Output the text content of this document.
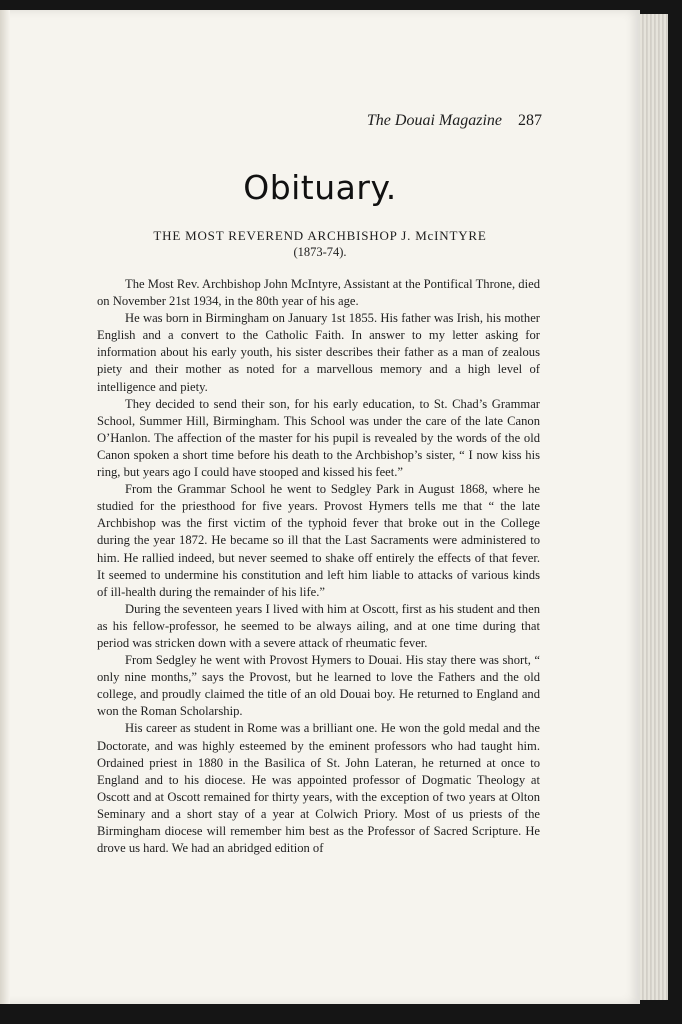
The Douai Magazine 287
Obituary.
THE MOST REVEREND ARCHBISHOP J. McINTYRE
(1873-74).

The Most Rev. Archbishop John McIntyre, Assistant at the Pontifical Throne, died on November 21st 1934, in the 80th year of his age.

He was born in Birmingham on January 1st 1855. His father was Irish, his mother English and a convert to the Catholic Faith. In answer to my letter asking for information about his early youth, his sister describes their father as a man of zealous piety and their mother as noted for a marvellous memory and a high level of intelligence and piety.

They decided to send their son, for his early education, to St. Chad’s Grammar School, Summer Hill, Birmingham. This School was under the care of the late Canon O’Hanlon. The affection of the master for his pupil is revealed by the words of the old Canon spoken a short time before his death to the Archbishop’s sister, “ I now kiss his ring, but years ago I could have stooped and kissed his feet.”

From the Grammar School he went to Sedgley Park in August 1868, where he studied for the priesthood for five years. Provost Hymers tells me that “ the late Archbishop was the first victim of the typhoid fever that broke out in the College during the year 1872. He became so ill that the Last Sacraments were administered to him. He rallied indeed, but never seemed to shake off entirely the effects of that fever. It seemed to undermine his constitution and left him liable to attacks of various kinds of ill-health during the remainder of his life.”

During the seventeen years I lived with him at Oscott, first as his student and then as his fellow-professor, he seemed to be always ailing, and at one time during that period was stricken down with a severe attack of rheumatic fever.

From Sedgley he went with Provost Hymers to Douai. His stay there was short, “ only nine months,” says the Provost, but he learned to love the Fathers and the old college, and proudly claimed the title of an old Douai boy. He returned to England and won the Roman Scholarship.

His career as student in Rome was a brilliant one. He won the gold medal and the Doctorate, and was highly esteemed by the eminent professors who had taught him. Ordained priest in 1880 in the Basilica of St. John Lateran, he returned at once to England and to his diocese. He was appointed professor of Dogmatic Theology at Oscott and at Oscott remained for thirty years, with the exception of two years at Olton Seminary and a short stay of a year at Colwich Priory. Most of us priests of the Birmingham diocese will remember him best as the Professor of Sacred Scripture. He drove us hard. We had an abridged edition of
